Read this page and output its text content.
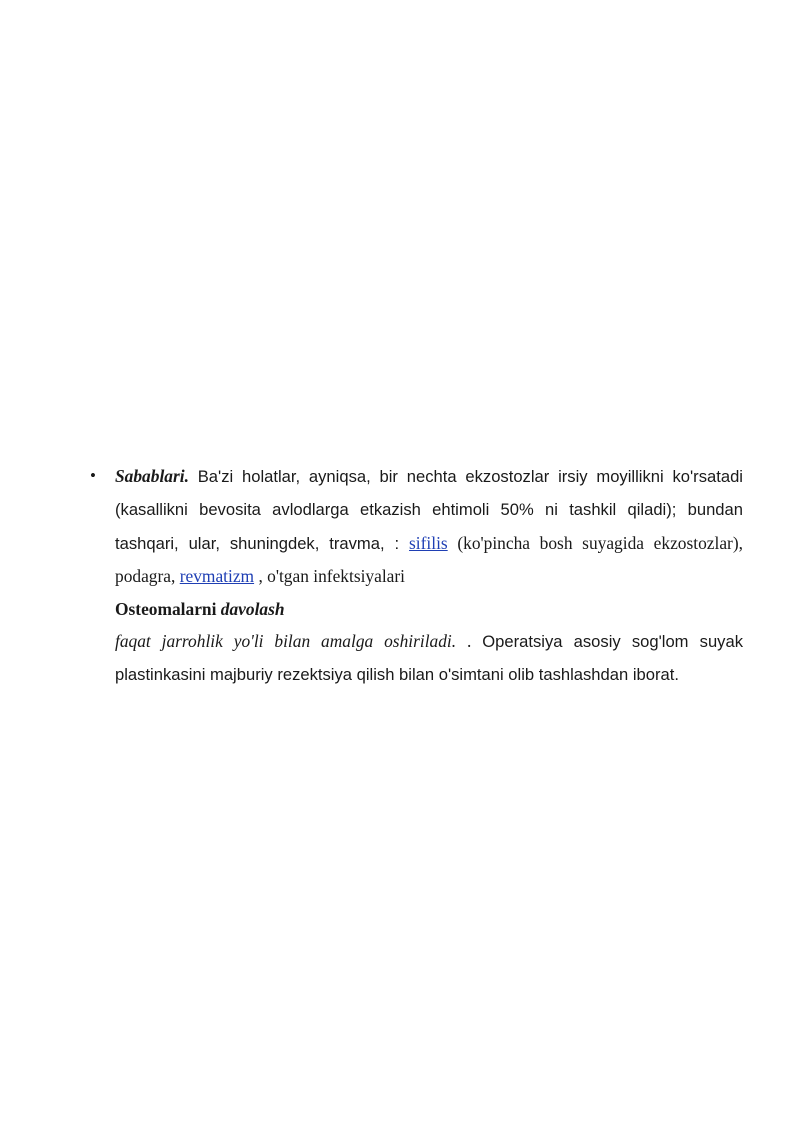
• Sabablari. Ba'zi holatlar, ayniqsa, bir nechta ekzostozlar irsiy moyillikni ko'rsatadi (kasallikni bevosita avlodlarga etkazish ehtimoli 50% ni tashkil qiladi); bundan tashqari, ular, shuningdek, travma, : sifilis (ko'pincha bosh suyagida ekzostozlar), podagra, revmatizm , o'tgan infektsiyalari

Osteomalarni davolash

faqat jarrohlik yo'li bilan amalga oshiriladi. . Operatsiya asosiy sog'lom suyak plastinkasini majburiy rezektsiya qilish bilan o'simtani olib tashlashdan iborat.
